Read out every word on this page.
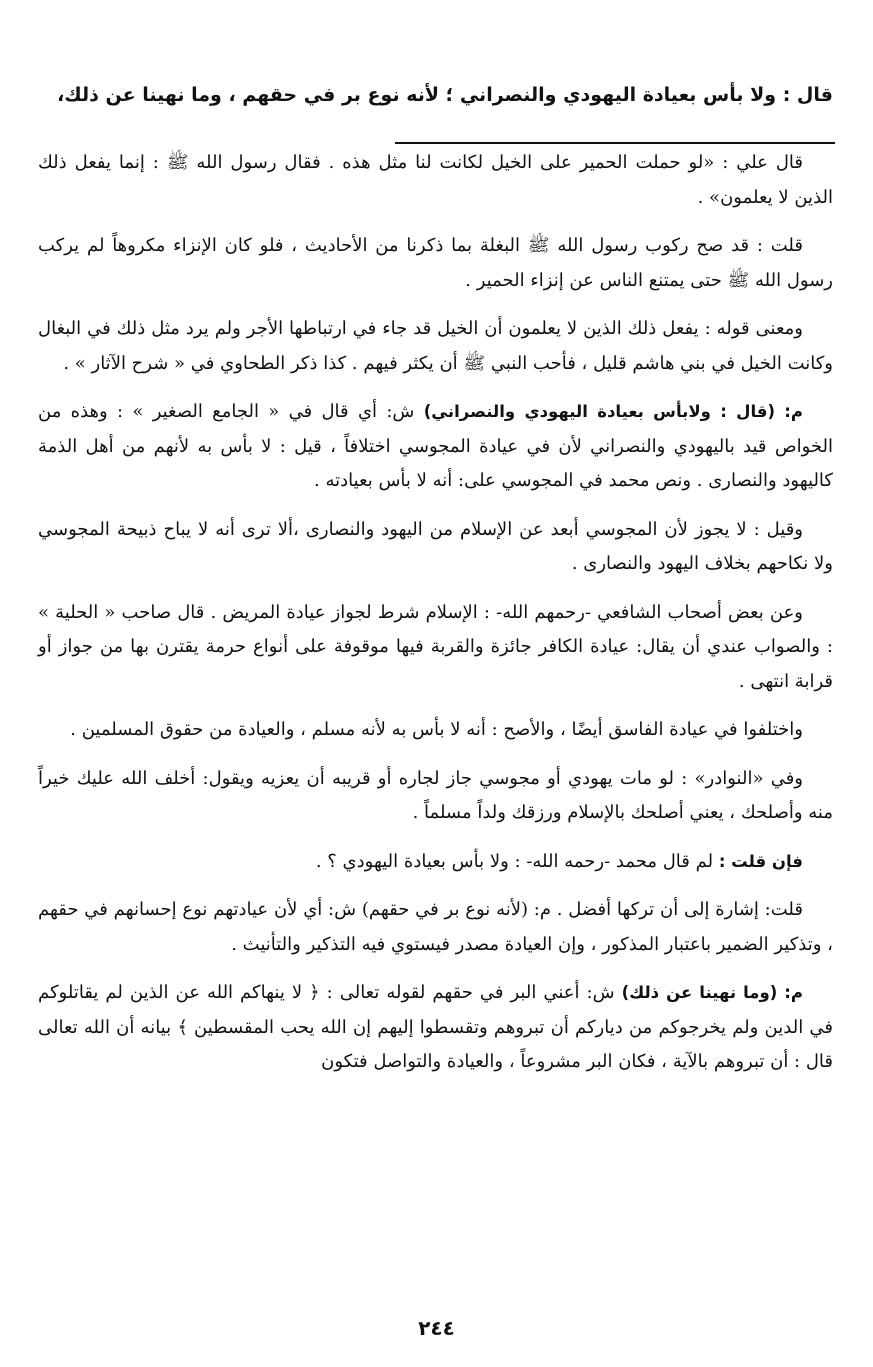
قال : ولا بأس بعيادة اليهودي والنصراني ؛ لأنه نوع بر في حقهم ، وما نهينا عن ذلك،

قال علي : «لو حملت الحمير على الخيل لكانت لنا مثل هذه . فقال رسول الله ﷺ : إنما يفعل ذلك الذين لا يعلمون» .

قلت : قد صح ركوب رسول الله ﷺ البغلة بما ذكرنا من الأحاديث ، فلو كان الإنزاء مكروهاً لم يركب رسول الله ﷺ حتى يمتنع الناس عن إنزاء الحمير .

ومعنى قوله : يفعل ذلك الذين لا يعلمون أن الخيل قد جاء في ارتباطها الأجر ولم يرد مثل ذلك في البغال وكانت الخيل في بني هاشم قليل ، فأحب النبي ﷺ أن يكثر فيهم . كذا ذكر الطحاوي في « شرح الآثار » .

م: (قال : ولابأس بعيادة اليهودي والنصراني) ش: أي قال في « الجامع الصغير » : وهذه من الخواص قيد باليهودي والنصراني لأن في عيادة المجوسي اختلافاً ، قيل : لا بأس به لأنهم من أهل الذمة كاليهود والنصارى . ونص محمد في المجوسي على: أنه لا بأس بعيادته .

وقيل : لا يجوز لأن المجوسي أبعد عن الإسلام من اليهود والنصارى ،ألا ترى أنه لا يباح ذبيحة المجوسي ولا نكاحهم بخلاف اليهود والنصارى .

وعن بعض أصحاب الشافعي -رحمهم الله- : الإسلام شرط لجواز عيادة المريض . قال صاحب « الحلية » : والصواب عندي أن يقال: عيادة الكافر جائزة والقربة فيها موقوفة على أنواع حرمة يقترن بها من جواز أو قرابة انتهى .

واختلفوا في عيادة الفاسق أيضًا ، والأصح : أنه لا بأس به لأنه مسلم ، والعيادة من حقوق المسلمين .

وفي «النوادر» : لو مات يهودي أو مجوسي جاز لجاره أو قريبه أن يعزيه ويقول: أخلف الله عليك خيراً منه وأصلحك ، يعني أصلحك بالإسلام ورزقك ولداً مسلماً .

فإن قلت : لم قال محمد -رحمه الله- : ولا بأس بعيادة اليهودي ؟ .

قلت: إشارة إلى أن تركها أفضل . م: (لأنه نوع بر في حقهم) ش: أي لأن عيادتهم نوع إحسانهم في حقهم ، وتذكير الضمير باعتبار المذكور ، وإن العيادة مصدر فيستوي فيه التذكير والتأنيث .

م: (وما نهينا عن ذلك) ش: أعني البر في حقهم لقوله تعالى : ﴿ لا ينهاكم الله عن الذين لم يقاتلوكم في الدين ولم يخرجوكم من دياركم أن تبروهم وتقسطوا إليهم إن الله يحب المقسطين ﴾ بيانه أن الله تعالى قال : أن تبروهم بالآية ، فكان البر مشروعاً ، والعيادة والتواصل فتكون

٢٤٤
